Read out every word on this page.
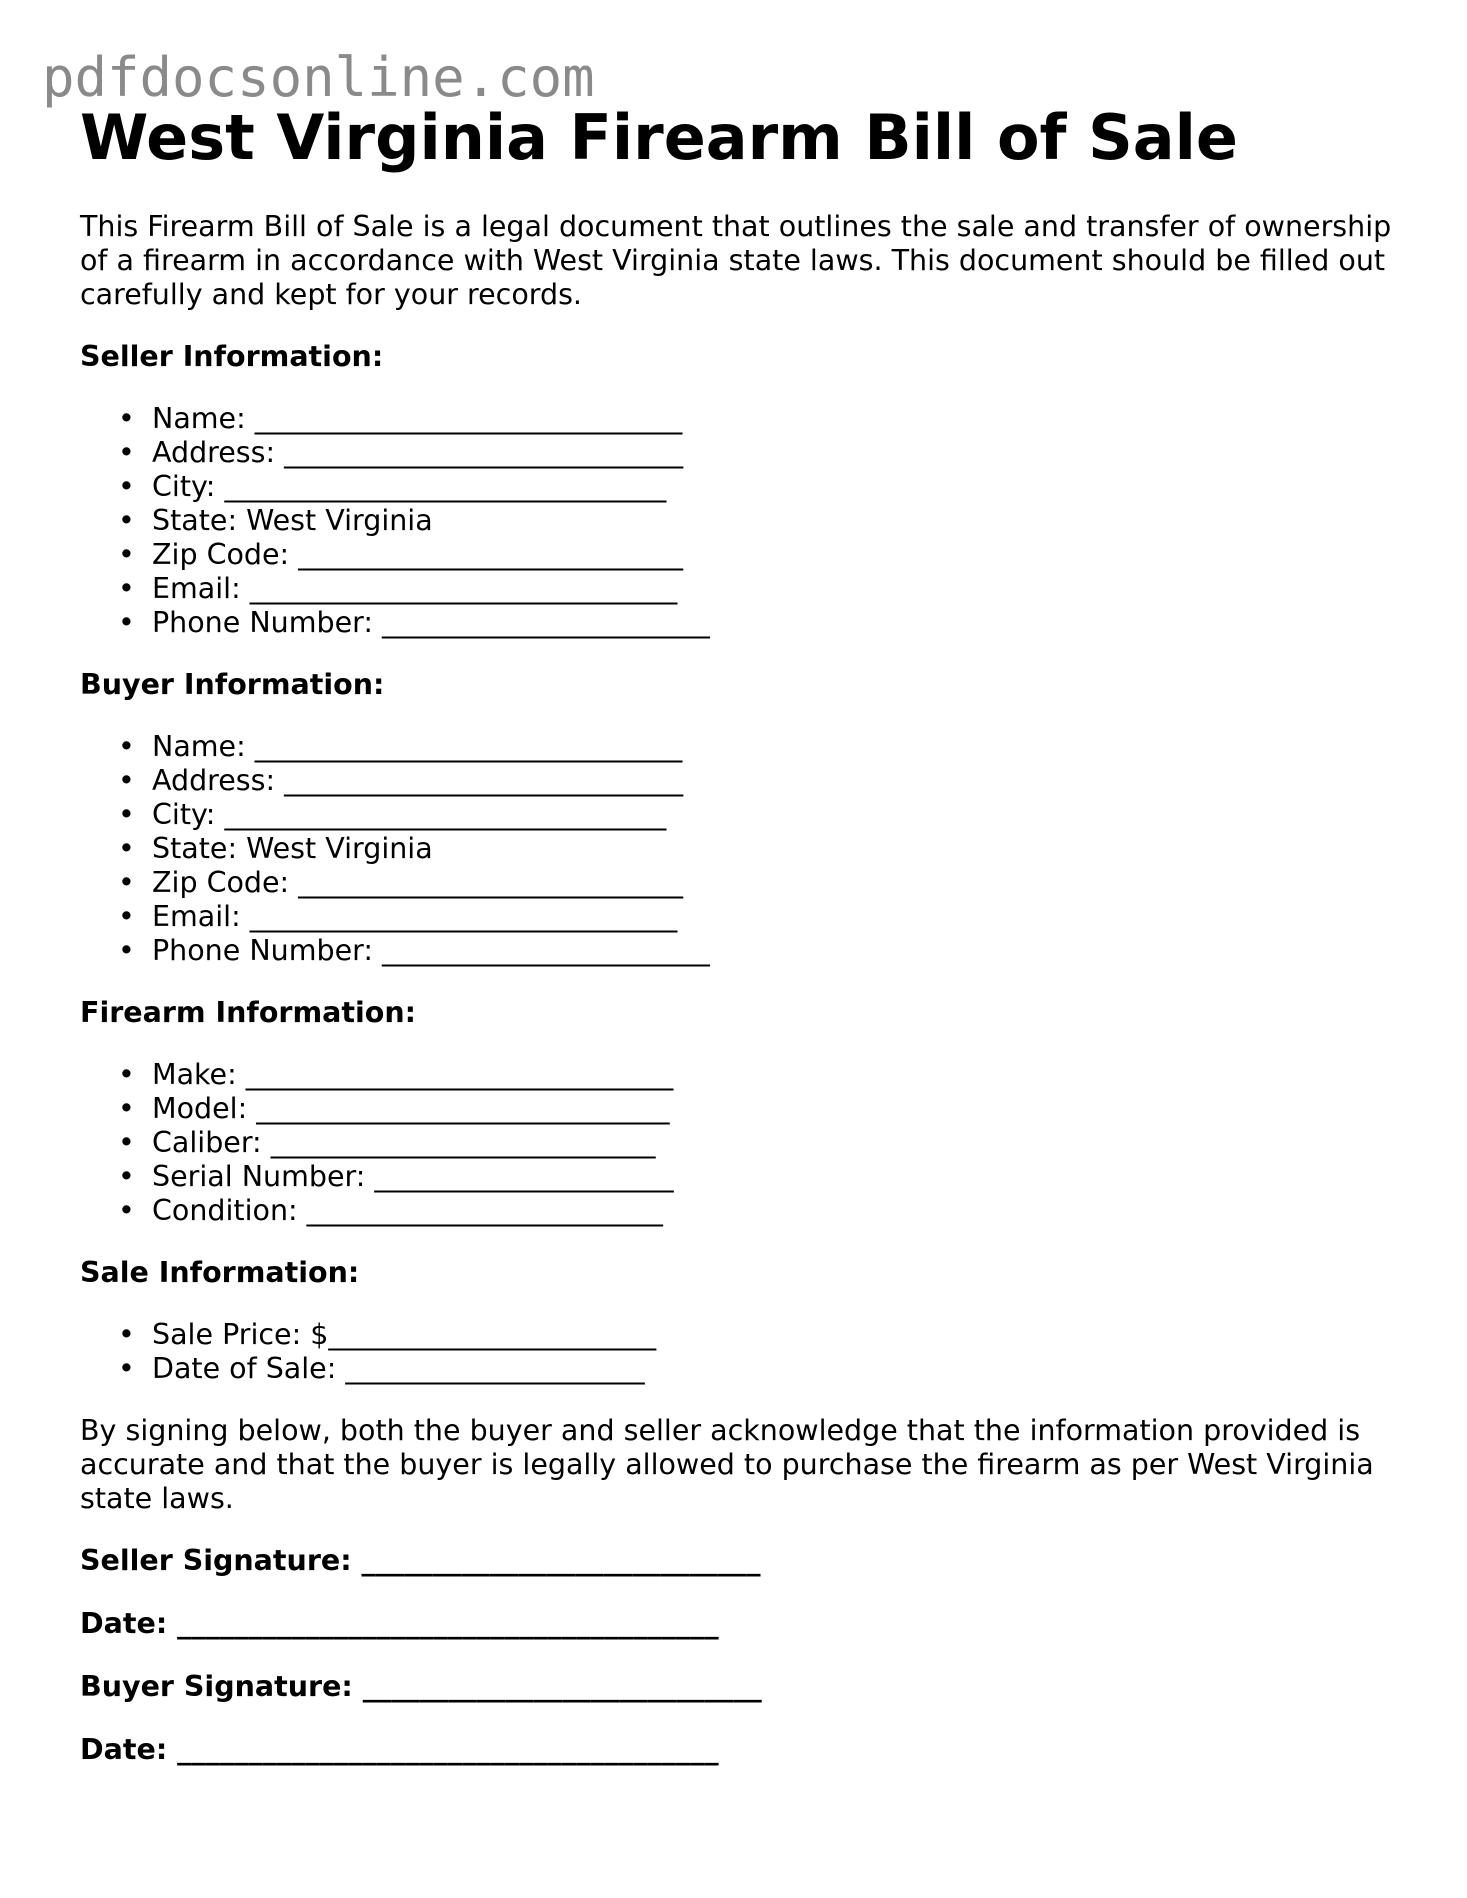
pdfdocsonline.com
West Virginia Firearm Bill of Sale

This Firearm Bill of Sale is a legal document that outlines the sale and transfer of ownership of a firearm in accordance with West Virginia state laws. This document should be filled out carefully and kept for your records.

Seller Information:
• Name: ______________________________
• Address: ____________________________
• City: _______________________________
• State: West Virginia
• Zip Code: ___________________________
• Email: ______________________________
• Phone Number: _______________________
Buyer Information:
• Name: ______________________________
• Address: ____________________________
• City: _______________________________
• State: West Virginia
• Zip Code: ___________________________
• Email: ______________________________
• Phone Number: _______________________
Firearm Information:
• Make: ______________________________
• Model: _____________________________
• Caliber: ___________________________
• Serial Number: _____________________
• Condition: _________________________
Sale Information:
• Sale Price: $_______________________
• Date of Sale: _____________________

By signing below, both the buyer and seller acknowledge that the information provided is accurate and that the buyer is legally allowed to purchase the firearm as per West Virginia state laws.

Seller Signature: ____________________________
Date: ______________________________________
Buyer Signature: ____________________________
Date: ______________________________________
